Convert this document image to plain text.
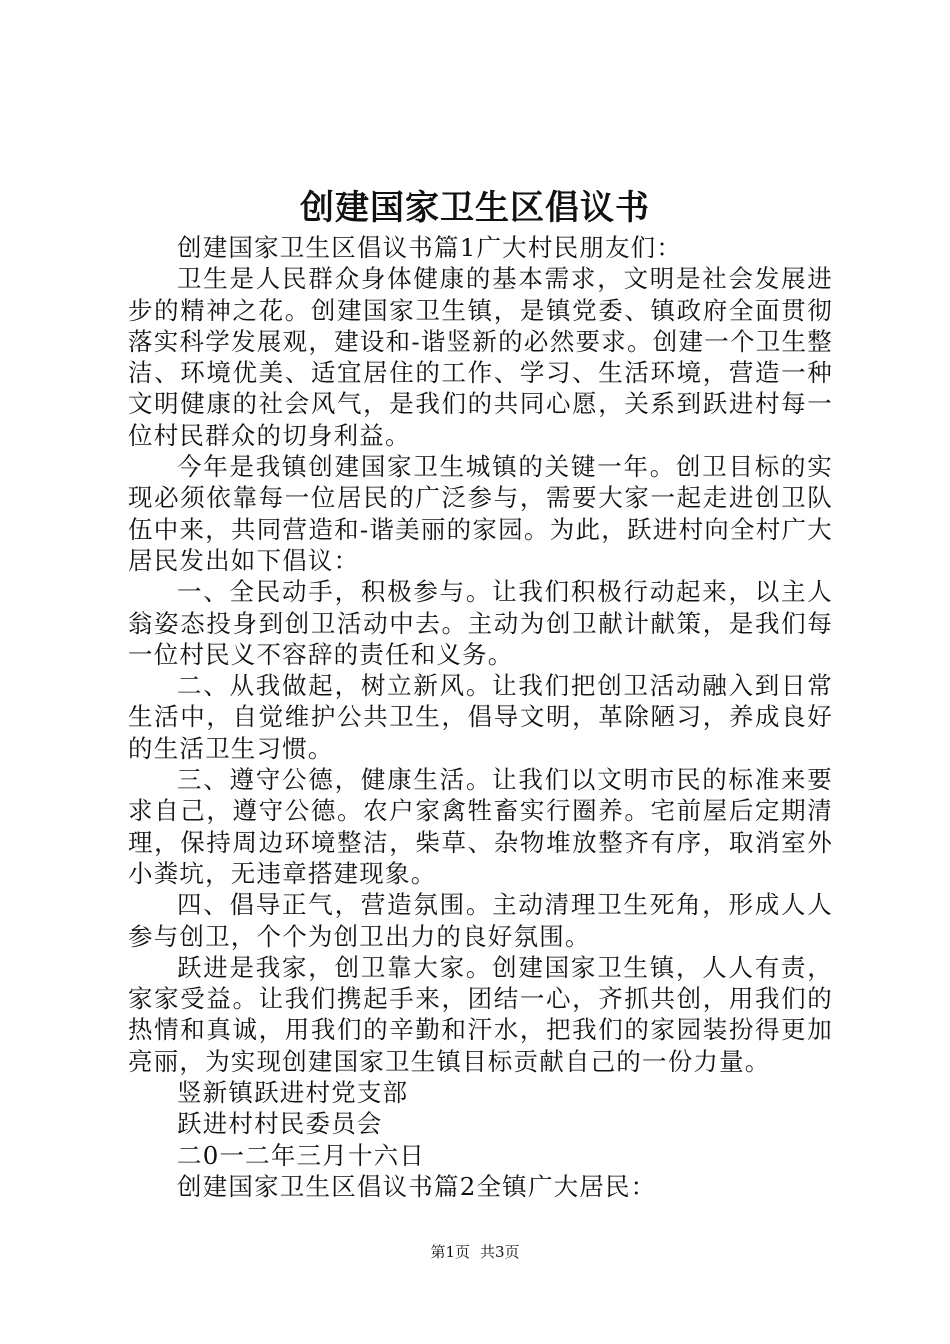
创建国家卫生区倡议书

创建国家卫生区倡议书篇1广大村民朋友们：

卫生是人民群众身体健康的基本需求，文明是社会发展进步的精神之花。创建国家卫生镇，是镇党委、镇政府全面贯彻落实科学发展观，建设和-谐竖新的必然要求。创建一个卫生整洁、环境优美、适宜居住的工作、学习、生活环境，营造一种文明健康的社会风气，是我们的共同心愿，关系到跃进村每一位村民群众的切身利益。

今年是我镇创建国家卫生城镇的关键一年。创卫目标的实现必须依靠每一位居民的广泛参与，需要大家一起走进创卫队伍中来，共同营造和-谐美丽的家园。为此，跃进村向全村广大居民发出如下倡议：

一、全民动手，积极参与。让我们积极行动起来，以主人翁姿态投身到创卫活动中去。主动为创卫献计献策，是我们每一位村民义不容辞的责任和义务。

二、从我做起，树立新风。让我们把创卫活动融入到日常生活中，自觉维护公共卫生，倡导文明，革除陋习，养成良好的生活卫生习惯。

三、遵守公德，健康生活。让我们以文明市民的标准来要求自己，遵守公德。农户家禽牲畜实行圈养。宅前屋后定期清理，保持周边环境整洁，柴草、杂物堆放整齐有序，取消室外小粪坑，无违章搭建现象。

四、倡导正气，营造氛围。主动清理卫生死角，形成人人参与创卫，个个为创卫出力的良好氛围。

跃进是我家，创卫靠大家。创建国家卫生镇，人人有责，家家受益。让我们携起手来，团结一心，齐抓共创，用我们的热情和真诚，用我们的辛勤和汗水，把我们的家园装扮得更加亮丽，为实现创建国家卫生镇目标贡献自己的一份力量。

竖新镇跃进村党支部

跃进村村民委员会

二0一二年三月十六日

创建国家卫生区倡议书篇2全镇广大居民：

第1页 共3页
